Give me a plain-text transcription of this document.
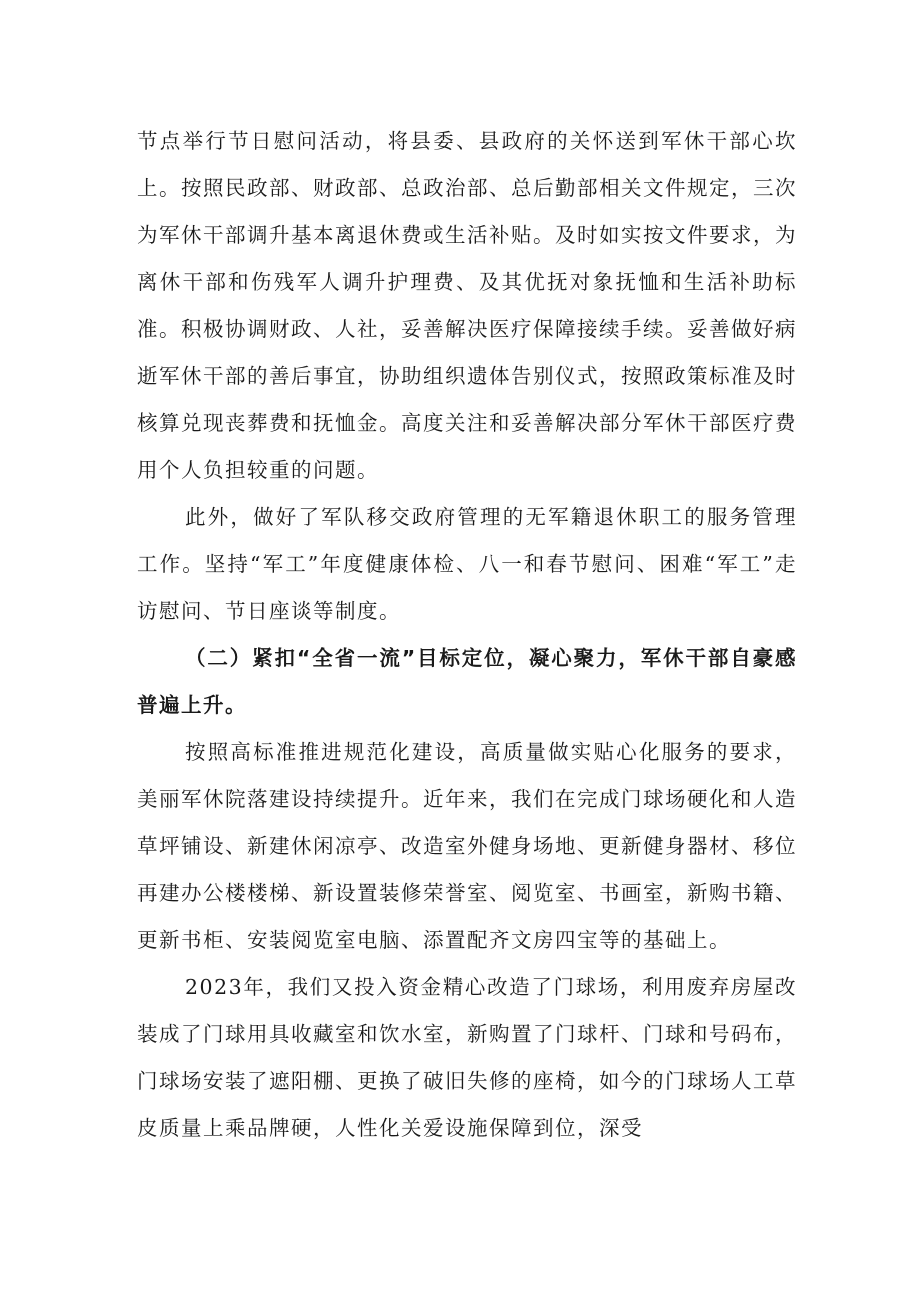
节点举行节日慰问活动，将县委、县政府的关怀送到军休干部心坎上。按照民政部、财政部、总政治部、总后勤部相关文件规定，三次为军休干部调升基本离退休费或生活补贴。及时如实按文件要求，为离休干部和伤残军人调升护理费、及其优抚对象抚恤和生活补助标准。积极协调财政、人社，妥善解决医疗保障接续手续。妥善做好病逝军休干部的善后事宜，协助组织遗体告别仪式，按照政策标准及时核算兑现丧葬费和抚恤金。高度关注和妥善解决部分军休干部医疗费用个人负担较重的问题。

此外，做好了军队移交政府管理的无军籍退休职工的服务管理工作。坚持“军工”年度健康体检、八一和春节慰问、困难“军工”走访慰问、节日座谈等制度。

（二）紧扣“全省一流”目标定位，凝心聚力，军休干部自豪感普遍上升。

按照高标准推进规范化建设，高质量做实贴心化服务的要求，美丽军休院落建设持续提升。近年来，我们在完成门球场硬化和人造草坪铺设、新建休闲凉亭、改造室外健身场地、更新健身器材、移位再建办公楼楼梯、新设置装修荣誉室、阅览室、书画室，新购书籍、更新书柜、安装阅览室电脑、添置配齐文房四宝等的基础上。

2023年，我们又投入资金精心改造了门球场，利用废弃房屋改装成了门球用具收藏室和饮水室，新购置了门球杆、门球和号码布，门球场安装了遮阳棚、更换了破旧失修的座椅，如今的门球场人工草皮质量上乘品牌硬，人性化关爱设施保障到位，深受
